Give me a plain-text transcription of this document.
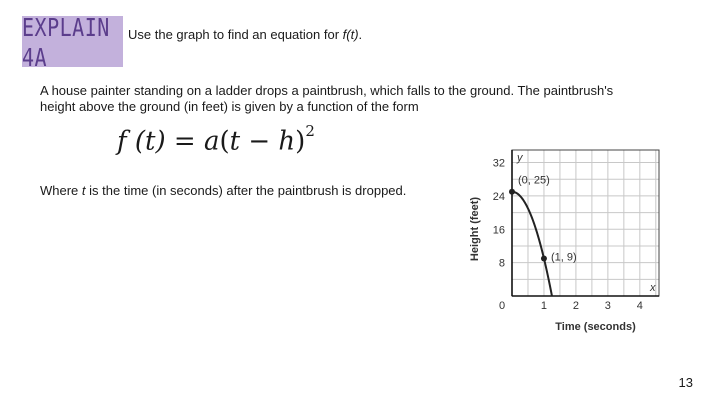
EXPLAIN 4A
Use the graph to find an equation for f(t).
A house painter standing on a ladder drops a paintbrush, which falls to the ground. The paintbrush's height above the ground (in feet) is given by a function of the form
f $(t) = a(t - h)^2$
Where t is the time (in seconds) after the paintbrush is dropped.
0	1 2 3 4
8
16
24
32
x
y
Time (seconds)
Height (feet)
(0, 25)
(1, 9)
13
